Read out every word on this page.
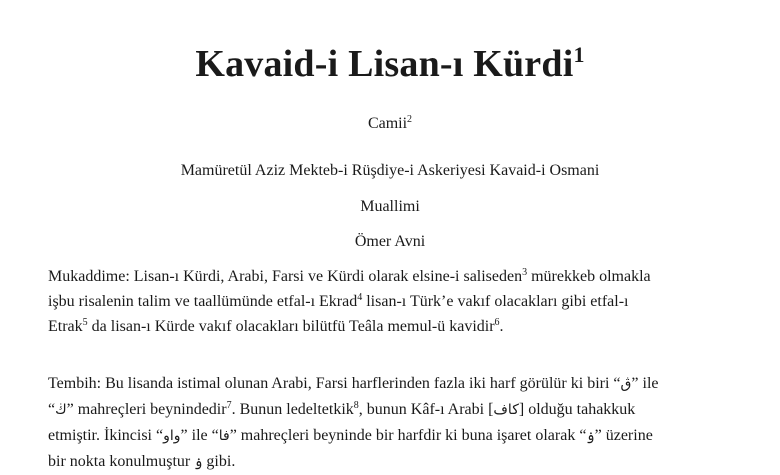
Kavaid-i Lisan-ı Kürdi$^1$
Camii$^2$
Mamüretül Aziz Mekteb-i Rüşdiye-i Askeriyesi Kavaid-i Osmani
Muallimi
Ömer Avni
Mukaddime: Lisan-ı Kürdi, Arabi, Farsi ve Kürdi olarak elsine-i saliseden$^3$ mürekkeb olmakla
işbu risalenin talim ve taallümünde etfal-ı Ekrad$^4$ lisan-ı Türk’e vakıf olacakları gibi etfal-ı
Etrak$^5$ da lisan-ı Kürde vakıf olacakları bilütfü Teâla memul-ü kavidir$^6$.
Tembih: Bu lisanda istimal olunan Arabi, Farsi harflerinden fazla iki harf görülür ki biri “ڨ” ile
“ڬ” mahreçleri beynindedir$^7$. Bunun ledeltetkik$^8$, bunun Kâf-ı Arabi [كاف] olduğu tahakkuk
etmiştir. İkincisi “واو” ile “فا” mahreçleri beyninde bir harfdir ki buna işaret olarak “ۏ” üzerine
bir nokta konulmuştur ۏ gibi.
